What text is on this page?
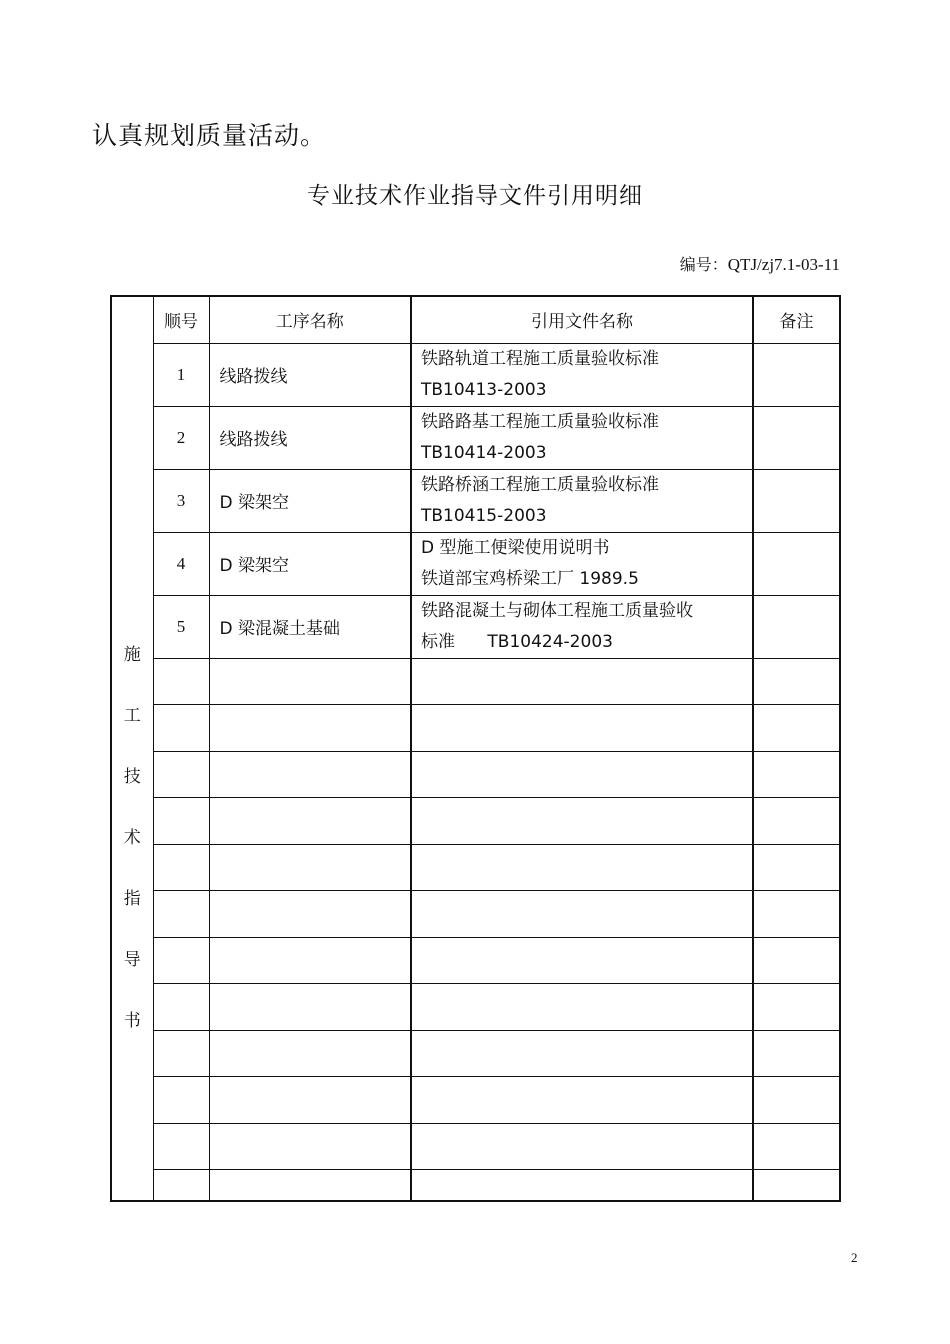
认真规划质量活动。
专业技术作业指导文件引用明细
编号：QTJ/zj7.1-03-11
施工技术指导书	顺号	工序名称	引用文件名称	备注
	1	线路拨线	铁路轨道工程施工质量验收标准
TB10413-2003	
	2	线路拨线	铁路路基工程施工质量验收标准
TB10414-2003	
	3	D 梁架空	铁路桥涵工程施工质量验收标准
TB10415-2003	
	4	D 梁架空	D 型施工便梁使用说明书
铁道部宝鸡桥梁工厂 1989.5	
	5	D 梁混凝土基础	铁路混凝土与砌体工程施工质量验收
标准      TB10424-2003	

2
